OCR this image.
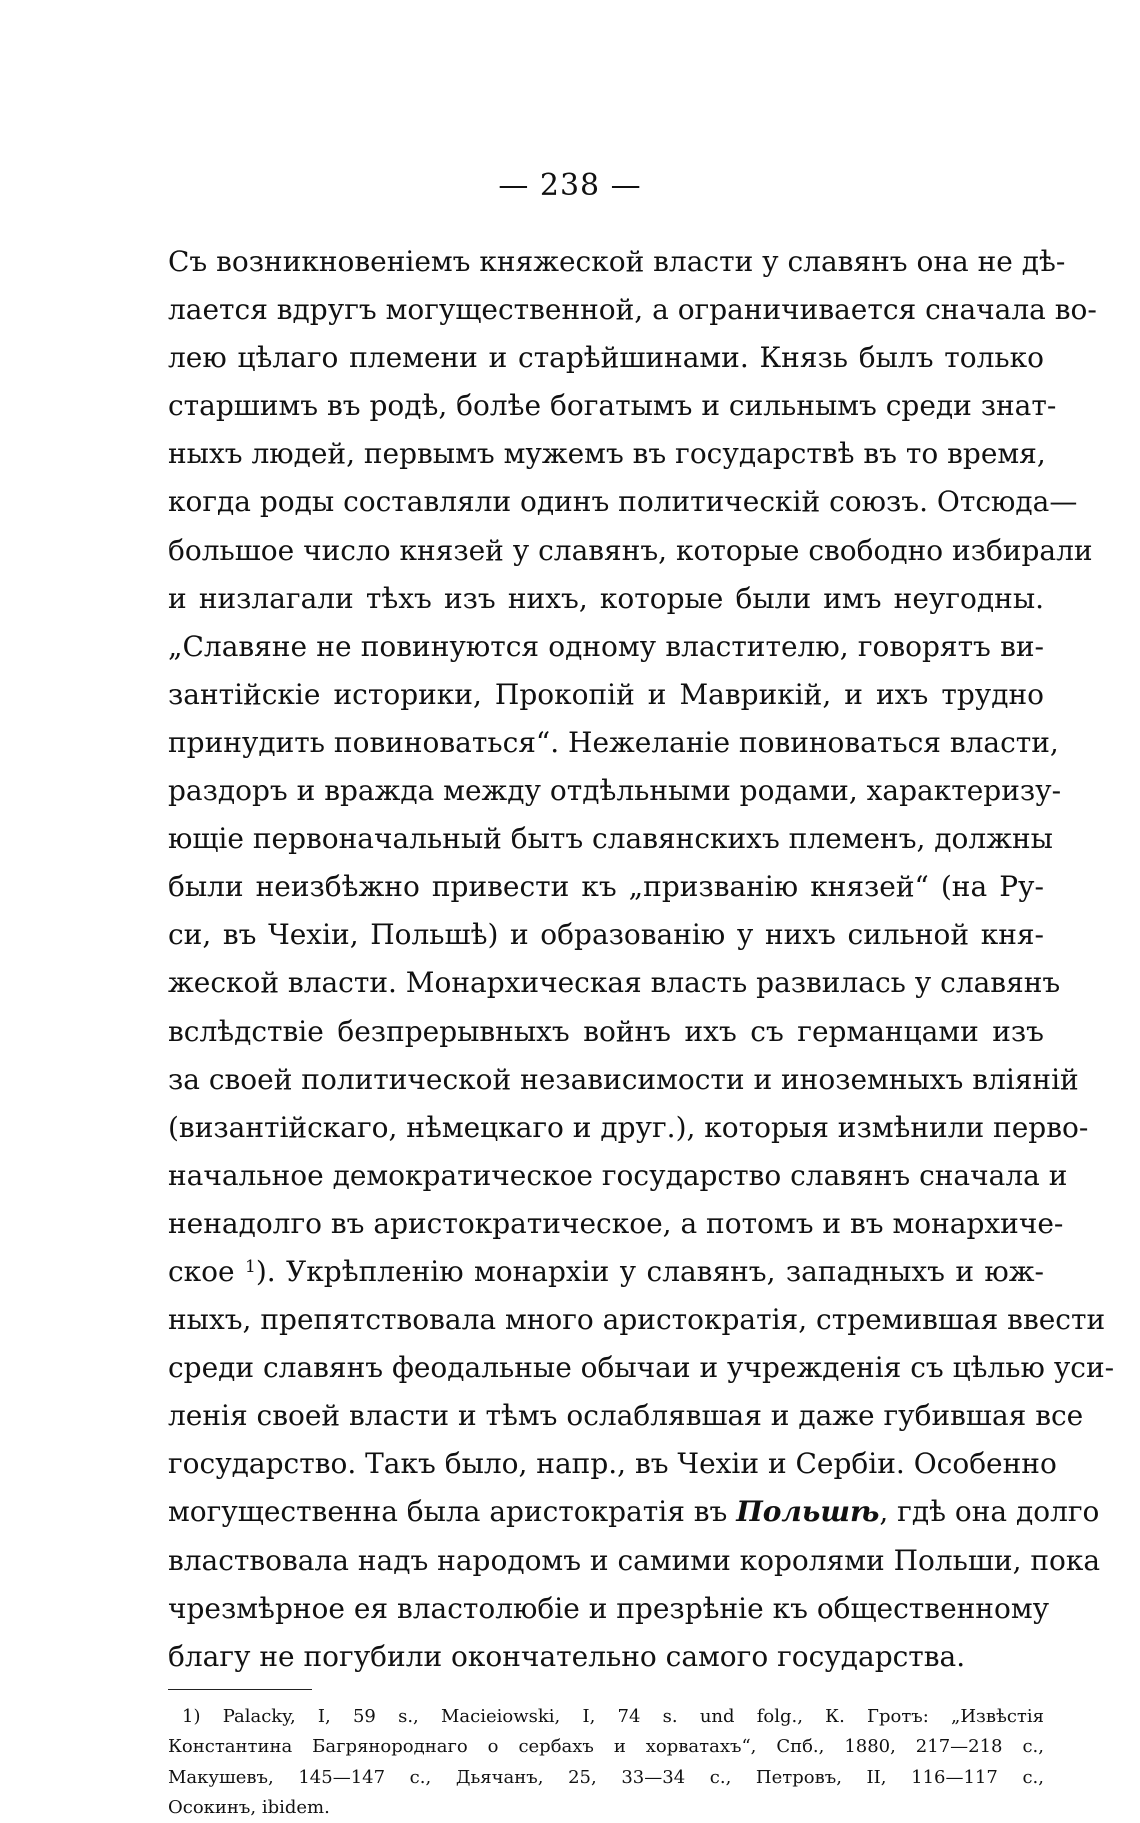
— 238 —
Съ возникновеніемъ княжеской власти у славянъ она не дѣ-
лается вдругъ могущественной, а ограничивается сначала во-
лею цѣлаго племени и старѣйшинами. Князь былъ только
старшимъ въ родѣ, болѣе богатымъ и сильнымъ среди знат-
ныхъ людей, первымъ мужемъ въ государствѣ въ то время,
когда роды составляли одинъ политическій союзъ. Отсюда—
большое число князей у славянъ, которые свободно избирали
и низлагали тѣхъ изъ нихъ, которые были имъ неугодны.
„Славяне не повинуются одному властителю, говорятъ ви-
зантійскіе историки, Прокопій и Маврикій, и ихъ трудно
принудить повиноваться“. Нежеланіе повиноваться власти,
раздоръ и вражда между отдѣльными родами, характеризу-
ющіе первоначальный бытъ славянскихъ племенъ, должны
были неизбѣжно привести къ „призванію князей“ (на Ру-
си, въ Чехіи, Польшѣ) и образованію у нихъ сильной кня-
жеской власти. Монархическая власть развилась у славянъ
вслѣдствіе безпрерывныхъ войнъ ихъ съ германцами изъ
за своей политической независимости и иноземныхъ вліяній
(византійскаго, нѣмецкаго и друг.), которыя измѣнили перво-
начальное демократическое государство славянъ сначала и
ненадолго въ аристократическое, а потомъ и въ монархиче-
ское $^1$). Укрѣпленію монархіи у славянъ, западныхъ и юж-
ныхъ, препятствовала много аристократія, стремившая ввести
среди славянъ феодальные обычаи и учрежденія съ цѣлью уси-
ленія своей власти и тѣмъ ослаблявшая и даже губившая все
государство. Такъ было, напр., въ Чехіи и Сербіи. Особенно
могущественна была аристократія въ Польшѣ, гдѣ она долго
властвовала надъ народомъ и самими королями Польши, пока
чрезмѣрное ея властолюбіе и презрѣніе къ общественному
благу не погубили окончательно самого государства.
1) Palacky, I, 59 s., Macieiowski, I, 74 s. und folg., К. Гротъ: „Извѣстія
Константина Багрянороднаго о сербахъ и хорватахъ“, Спб., 1880, 217—218 с.,
Макушевъ, 145—147 с., Дьячанъ, 25, 33—34 с., Петровъ, II, 116—117 с.,
Осокинъ, ibidem.
